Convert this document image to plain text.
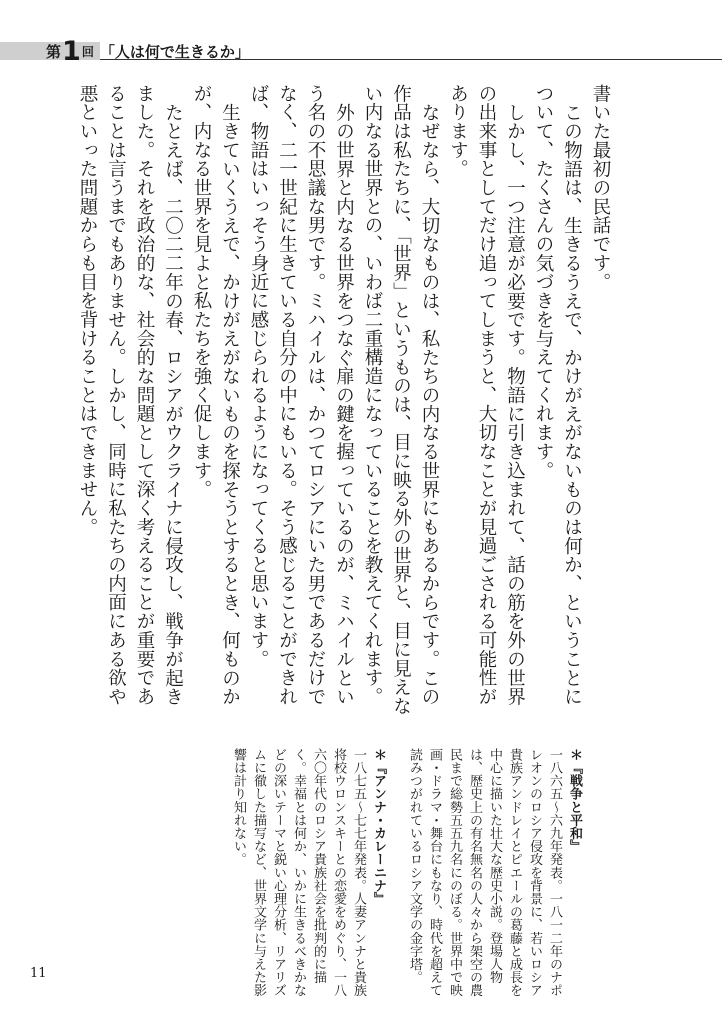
第 1 回 「人は何で生きるか」

書いた最初の民話です。

この物語は、生きるうえで、かけがえがないものは何か、ということについて、たくさんの気づきを与えてくれます。

しかし、一つ注意が必要です。物語に引き込まれて、話の筋を外の世界の出来事としてだけ追ってしまうと、大切なことが見過ごされる可能性があります。

なぜなら、大切なものは、私たちの内なる世界にもあるからです。この作品は私たちに、「世界」というものは、目に映る外の世界と、目に見えない内なる世界との、いわば二重構造になっていることを教えてくれます。

外の世界と内なる世界をつなぐ扉の鍵を握っているのが、ミハイルという名の不思議な男です。ミハイルは、かつてロシアにいた男であるだけでなく、二一世紀に生きている自分の中にもいる。そう感じることができれば、物語はいっそう身近に感じられるようになってくると思います。

生きていくうえで、かけがえがないものを探そうとするとき、何ものかが、内なる世界を見よと私たちを強く促します。

たとえば、二〇二二年の春、ロシアがウクライナに侵攻し、戦争が起きました。それを政治的な、社会的な問題として深く考えることが重要であることは言うまでもありません。しかし、同時に私たちの内面にある欲や悪といった問題からも目を背けることはできません。

＊『戦争と平和』

一八六五〜六九年発表。一八一二年のナポレオンのロシア侵攻を背景に、若いロシア貴族アンドレイとピエールの葛藤と成長を中心に描いた壮大な歴史小説。登場人物は、歴史上の有名無名の人々から架空の農民まで総勢五五九名にのぼる。世界中で映画・ドラマ・舞台にもなり、時代を超えて読みつがれているロシア文学の金字塔。

＊『アンナ・カレーニナ』

一八七五〜七七年発表。人妻アンナと貴族将校ウロンスキーとの恋愛をめぐり、一八六〇年代のロシア貴族社会を批判的に描く。幸福とは何か、いかに生きるべきかなどの深いテーマと鋭い心理分析、リアリズムに徹した描写など、世界文学に与えた影響は計り知れない。

11
